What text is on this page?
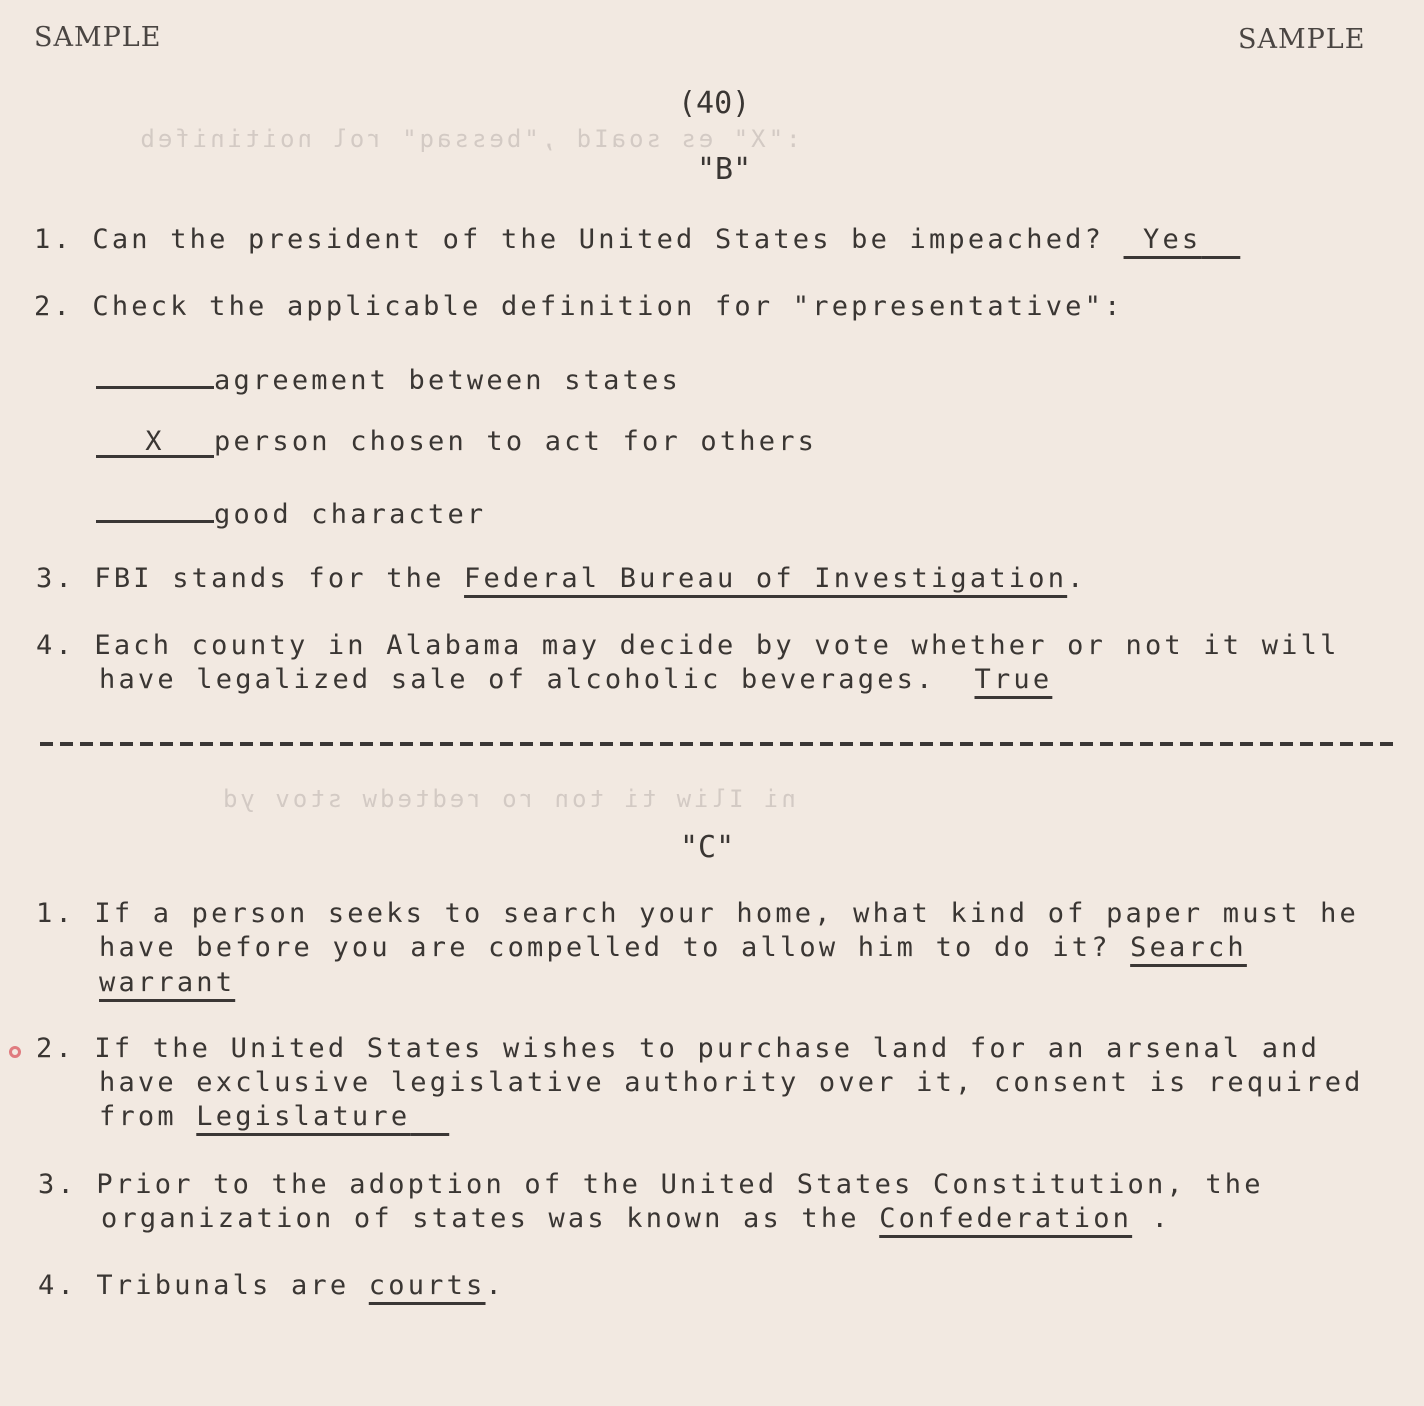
SAMPLE	SAMPLE
(40)
:"X" es soaId ,"bessaq" rol noitinifeb
"B"
1. Can the president of the United States be impeached?  Yes
2. Check the applicable definition for "representative":
agreement between states
X person chosen to act for others
good character
3. FBI stands for the Federal Bureau of Investigation.
4. Each county in Alabama may decide by vote whether or not it will
have legalized sale of alcoholic beverages.  True
ni Iliw ti ton ro redtedw stov yd
"C"
1. If a person seeks to search your home, what kind of paper must he
have before you are compelled to allow him to do it? Search
warrant
2. If the United States wishes to purchase land for an arsenal and
have exclusive legislative authority over it, consent is required
from Legislature
3. Prior to the adoption of the United States Constitution, the
organization of states was known as the Confederation .
4. Tribunals are courts.
